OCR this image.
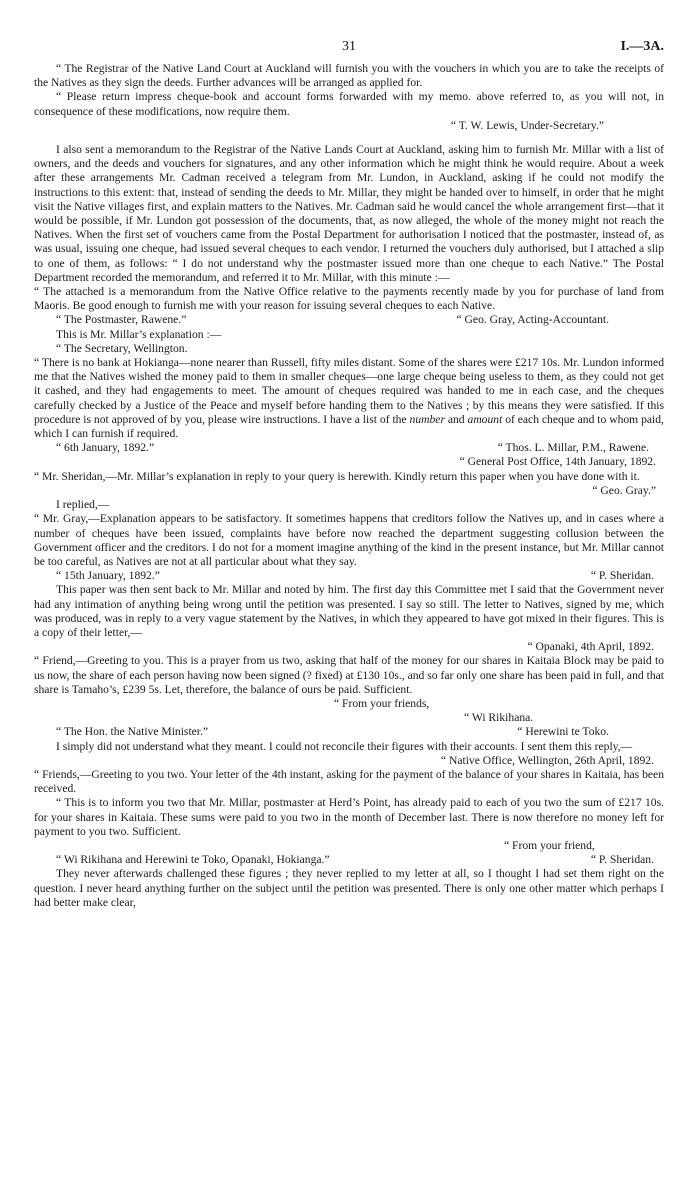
31	I.—3A.

“ The Registrar of the Native Land Court at Auckland will furnish you with the vouchers in which you are to take the receipts of the Natives as they sign the deeds. Further advances will be arranged as applied for.

“ Please return impress cheque-book and account forms forwarded with my memo. above referred to, as you will not, in consequence of these modifications, now require them.

“ T. W. Lewis, Under-Secretary.”

I also sent a memorandum to the Registrar of the Native Lands Court at Auckland, asking him to furnish Mr. Millar with a list of owners, and the deeds and vouchers for signatures, and any other information which he might think he would require. About a week after these arrangements Mr. Cadman received a telegram from Mr. Lundon, in Auckland, asking if he could not modify the instructions to this extent: that, instead of sending the deeds to Mr. Millar, they might be handed over to himself, in order that he might visit the Native villages first, and explain matters to the Natives. Mr. Cadman said he would cancel the whole arrangement first—that it would be possible, if Mr. Lundon got possession of the documents, that, as now alleged, the whole of the money might not reach the Natives. When the first set of vouchers came from the Postal Department for authorisation I noticed that the postmaster, instead of, as was usual, issuing one cheque, had issued several cheques to each vendor. I returned the vouchers duly authorised, but I attached a slip to one of them, as follows: “ I do not understand why the postmaster issued more than one cheque to each Native.” The Postal Department recorded the memorandum, and referred it to Mr. Millar, with this minute :—

“ The attached is a memorandum from the Native Office relative to the payments recently made by you for purchase of land from Maoris. Be good enough to furnish me with your reason for issuing several cheques to each Native.

“ The Postmaster, Rawene.”	“ Geo. Gray, Acting-Accountant.

This is Mr. Millar’s explanation :—

“ The Secretary, Wellington.

“ There is no bank at Hokianga—none nearer than Russell, fifty miles distant. Some of the shares were £217 10s. Mr. Lundon informed me that the Natives wished the money paid to them in smaller cheques—one large cheque being useless to them, as they could not get it cashed, and they had engagements to meet. The amount of cheques required was handed to me in each case, and the cheques carefully checked by a Justice of the Peace and myself before handing them to the Natives ; by this means they were satisfied. If this procedure is not approved of by you, please wire instructions. I have a list of the number and amount of each cheque and to whom paid, which I can furnish if required.

“ 6th January, 1892.”	“ Thos. L. Millar, P.M., Rawene.

“ General Post Office, 14th January, 1892.

“ Mr. Sheridan,—Mr. Millar’s explanation in reply to your query is herewith. Kindly return this paper when you have done with it.

“ Geo. Gray.”

I replied,—

“ Mr. Gray,—Explanation appears to be satisfactory. It sometimes happens that creditors follow the Natives up, and in cases where a number of cheques have been issued, complaints have before now reached the department suggesting collusion between the Government officer and the creditors. I do not for a moment imagine anything of the kind in the present instance, but Mr. Millar cannot be too careful, as Natives are not at all particular about what they say.

“ 15th January, 1892.”	“ P. Sheridan.

This paper was then sent back to Mr. Millar and noted by him. The first day this Committee met I said that the Government never had any intimation of anything being wrong until the petition was presented. I say so still. The letter to Natives, signed by me, which was produced, was in reply to a very vague statement by the Natives, in which they appeared to have got mixed in their figures. This is a copy of their letter,—

“ Opanaki, 4th April, 1892.

“ Friend,—Greeting to you. This is a prayer from us two, asking that half of the money for our shares in Kaitaia Block may be paid to us now, the share of each person having now been signed (? fixed) at £130 10s., and so far only one share has been paid in full, and that share is Tamaho’s, £239 5s. Let, therefore, the balance of ours be paid. Sufficient.

“ From your friends,

“ Wi Rikihana.

“ The Hon. the Native Minister.”	“ Herewini te Toko.

I simply did not understand what they meant. I could not reconcile their figures with their accounts. I sent them this reply,—

“ Native Office, Wellington, 26th April, 1892.

“ Friends,—Greeting to you two. Your letter of the 4th instant, asking for the payment of the balance of your shares in Kaitaia, has been received.

“ This is to inform you two that Mr. Millar, postmaster at Herd’s Point, has already paid to each of you two the sum of £217 10s. for your shares in Kaitaia. These sums were paid to you two in the month of December last. There is now therefore no money left for payment to you two. Sufficient.

“ From your friend,

“ Wi Rikihana and Herewini te Toko, Opanaki, Hokianga.”	“ P. Sheridan.

They never afterwards challenged these figures ; they never replied to my letter at all, so I thought I had set them right on the question. I never heard anything further on the subject until the petition was presented. There is only one other matter which perhaps I had better make clear,
